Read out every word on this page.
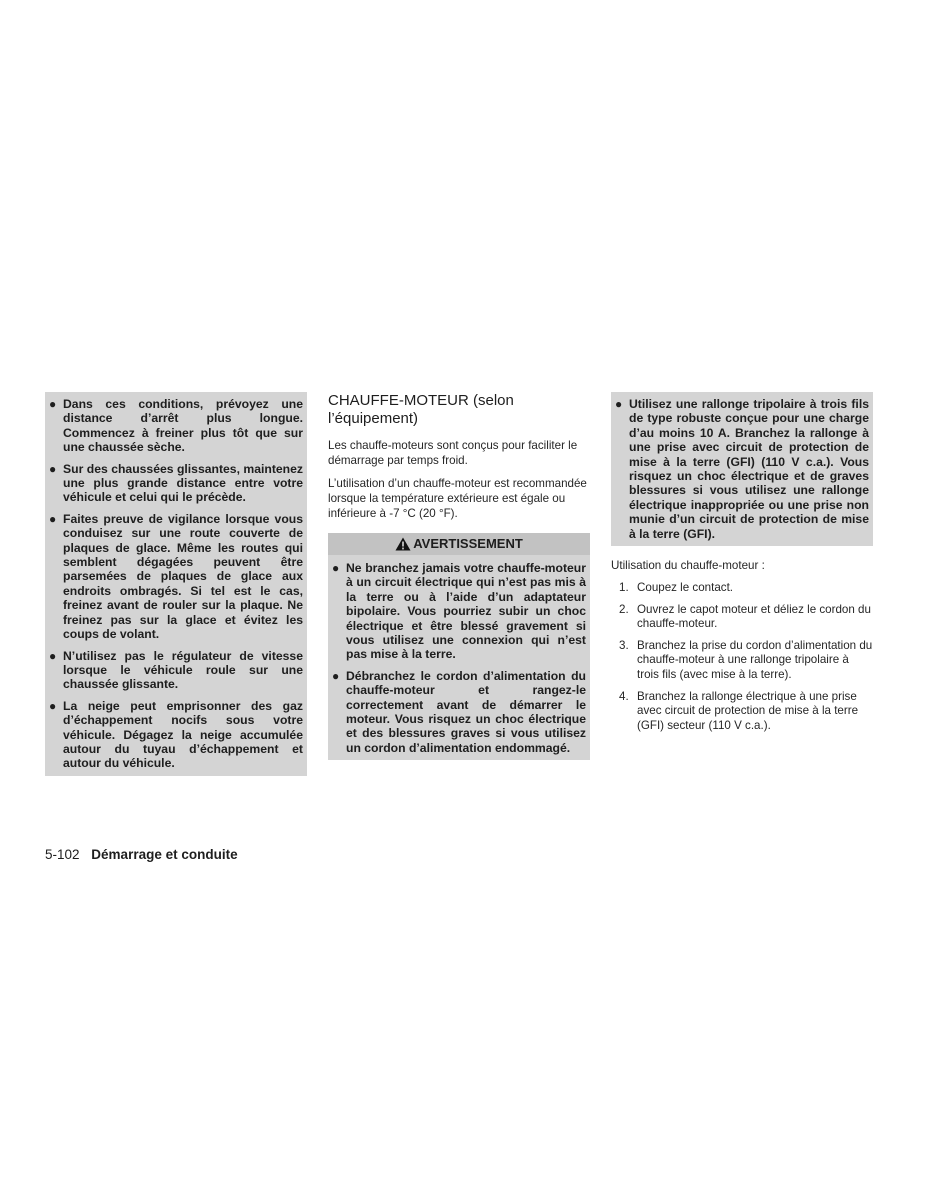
● Dans ces conditions, prévoyez une distance d’arrêt plus longue. Commencez à freiner plus tôt que sur une chaussée sèche.
● Sur des chaussées glissantes, maintenez une plus grande distance entre votre véhicule et celui qui le précède.
● Faites preuve de vigilance lorsque vous conduisez sur une route couverte de plaques de glace. Même les routes qui semblent dégagées peuvent être parsemées de plaques de glace aux endroits ombragés. Si tel est le cas, freinez avant de rouler sur la plaque. Ne freinez pas sur la glace et évitez les coups de volant.
● N’utilisez pas le régulateur de vitesse lorsque le véhicule roule sur une chaussée glissante.
● La neige peut emprisonner des gaz d’échappement nocifs sous votre véhicule. Dégagez la neige accumulée autour du tuyau d’échappement et autour du véhicule.
CHAUFFE-MOTEUR (selon l’équipement)

Les chauffe-moteurs sont conçus pour faciliter le démarrage par temps froid.

L’utilisation d’un chauffe-moteur est recommandée lorsque la température extérieure est égale ou inférieure à -7 °C (20 °F).

AVERTISSEMENT
● Ne branchez jamais votre chauffe-moteur à un circuit électrique qui n’est pas mis à la terre ou à l’aide d’un adaptateur bipolaire. Vous pourriez subir un choc électrique et être blessé gravement si vous utilisez une connexion qui n’est pas mise à la terre.
● Débranchez le cordon d’alimentation du chauffe-moteur et rangez-le correctement avant de démarrer le moteur. Vous risquez un choc électrique et des blessures graves si vous utilisez un cordon d’alimentation endommagé.
● Utilisez une rallonge tripolaire à trois fils de type robuste conçue pour une charge d’au moins 10 A. Branchez la rallonge à une prise avec circuit de protection de mise à la terre (GFI) (110 V c.a.). Vous risquez un choc électrique et de graves blessures si vous utilisez une rallonge électrique inappropriée ou une prise non munie d’un circuit de protection de mise à la terre (GFI).

Utilisation du chauffe-moteur :

1. Coupez le contact.
2. Ouvrez le capot moteur et déliez le cordon du chauffe-moteur.
3. Branchez la prise du cordon d’alimentation du chauffe-moteur à une rallonge tripolaire à trois fils (avec mise à la terre).
4. Branchez la rallonge électrique à une prise avec circuit de protection de mise à la terre (GFI) secteur (110 V c.a.).
5-102 Démarrage et conduite
